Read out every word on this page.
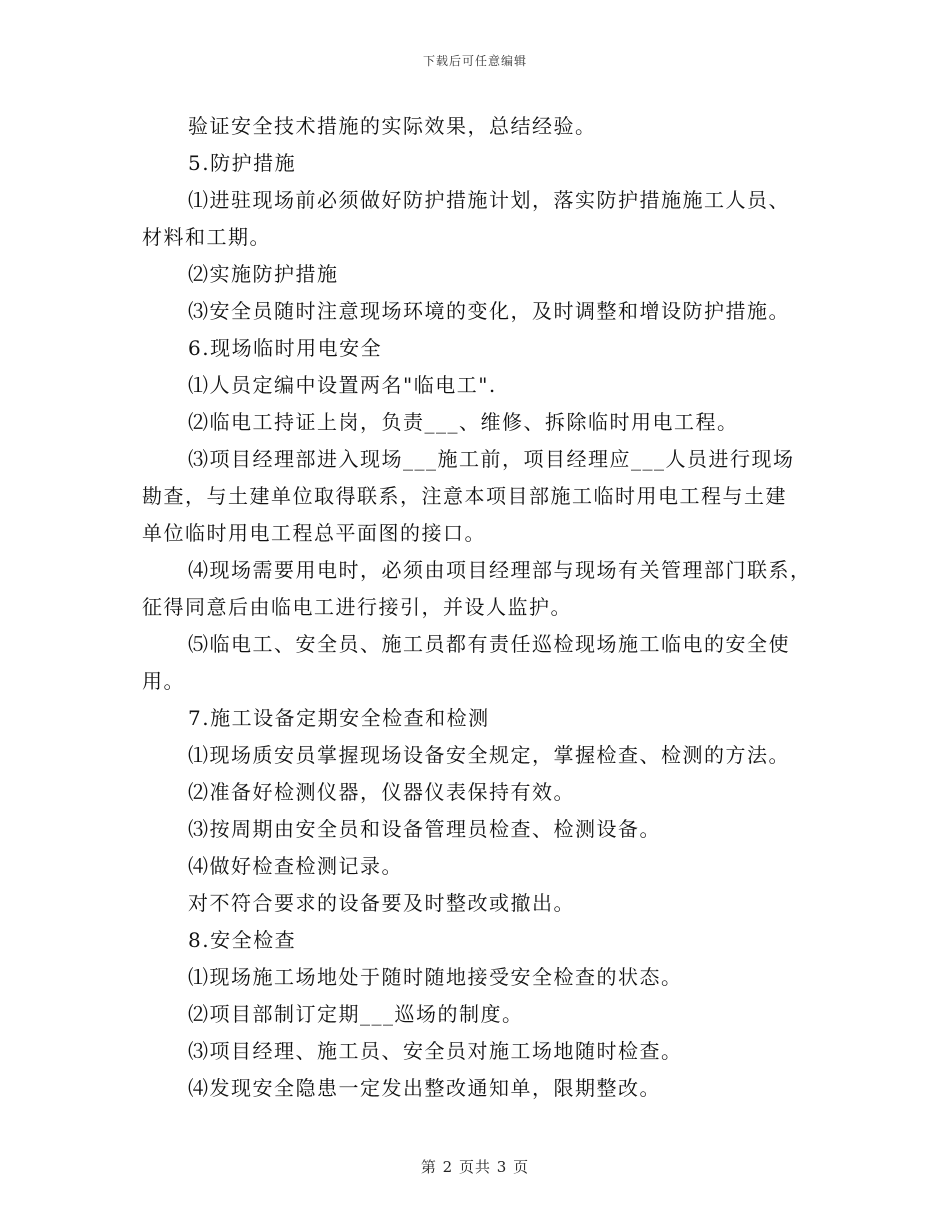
下载后可任意编辑

验证安全技术措施的实际效果，总结经验。

5.防护措施

⑴进驻现场前必须做好防护措施计划，落实防护措施施工人员、

材料和工期。

⑵实施防护措施

⑶安全员随时注意现场环境的变化，及时调整和增设防护措施。

6.现场临时用电安全

⑴人员定编中设置两名"临电工".

⑵临电工持证上岗，负责___、维修、拆除临时用电工程。

⑶项目经理部进入现场___施工前，项目经理应___人员进行现场

勘查，与土建单位取得联系，注意本项目部施工临时用电工程与土建

单位临时用电工程总平面图的接口。

⑷现场需要用电时，必须由项目经理部与现场有关管理部门联系，

征得同意后由临电工进行接引，并设人监护。

⑸临电工、安全员、施工员都有责任巡检现场施工临电的安全使

用。

7.施工设备定期安全检查和检测

⑴现场质安员掌握现场设备安全规定，掌握检查、检测的方法。

⑵准备好检测仪器，仪器仪表保持有效。

⑶按周期由安全员和设备管理员检查、检测设备。

⑷做好检查检测记录。

对不符合要求的设备要及时整改或撤出。

8.安全检查

⑴现场施工场地处于随时随地接受安全检查的状态。

⑵项目部制订定期___巡场的制度。

⑶项目经理、施工员、安全员对施工场地随时检查。

⑷发现安全隐患一定发出整改通知单，限期整改。

第 2 页共 3 页
